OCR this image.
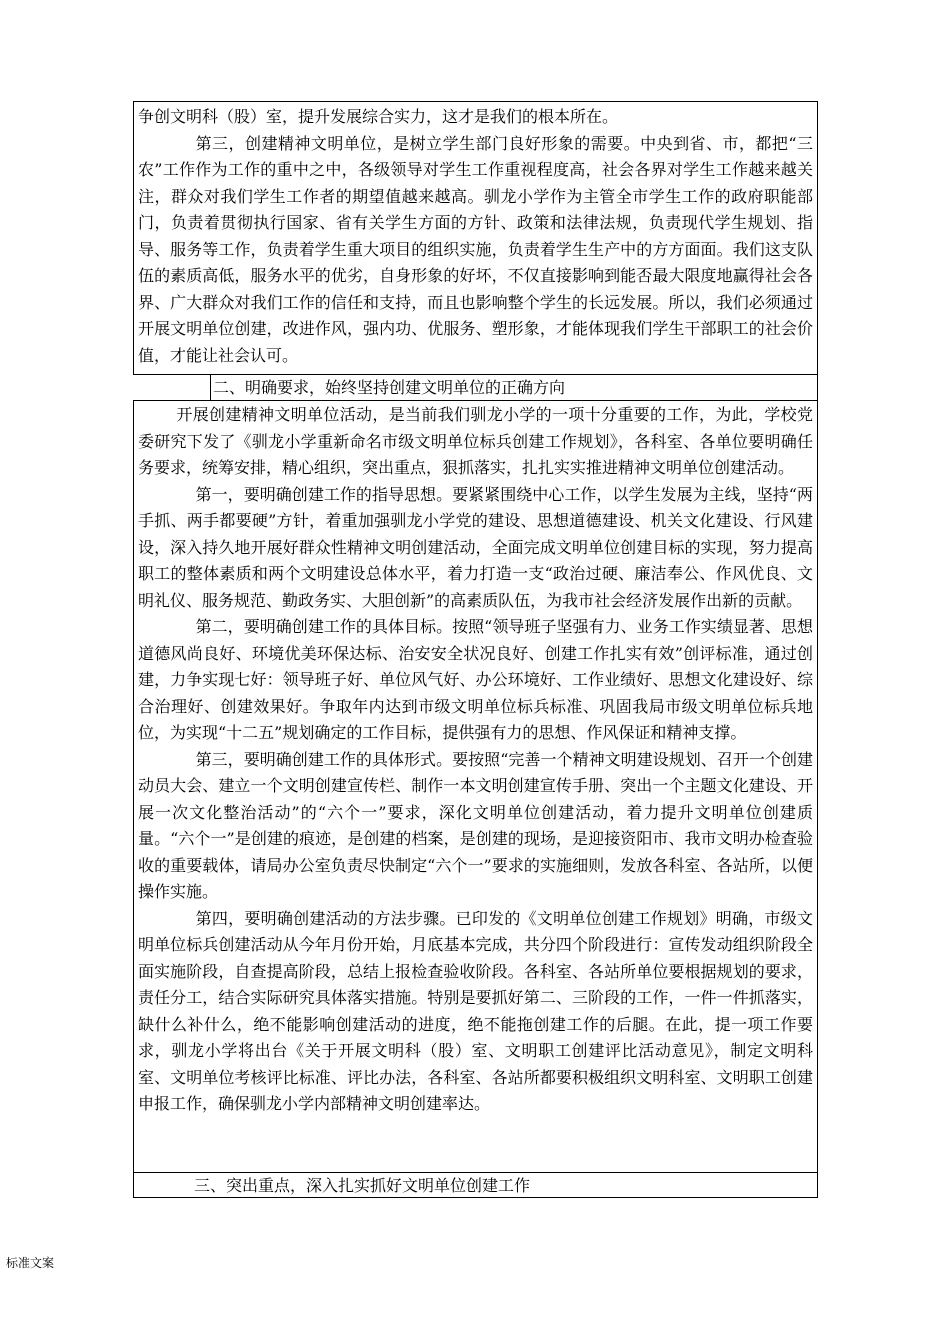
争创文明科（股）室，提升发展综合实力，这才是我们的根本所在。

第三，创建精神文明单位，是树立学生部门良好形象的需要。中央到省、市，都把“三农”工作作为工作的重中之中，各级领导对学生工作重视程度高，社会各界对学生工作越来越关注，群众对我们学生工作者的期望值越来越高。驯龙小学作为主管全市学生工作的政府职能部门，负责着贯彻执行国家、省有关学生方面的方针、政策和法律法规，负责现代学生规划、指导、服务等工作，负责着学生重大项目的组织实施，负责着学生生产中的方方面面。我们这支队伍的素质高低，服务水平的优劣，自身形象的好坏，不仅直接影响到能否最大限度地赢得社会各界、广大群众对我们工作的信任和支持，而且也影响整个学生的长远发展。所以，我们必须通过开展文明单位创建，改进作风，强内功、优服务、塑形象，才能体现我们学生干部职工的社会价值，才能让社会认可。

二、明确要求，始终坚持创建文明单位的正确方向

开展创建精神文明单位活动，是当前我们驯龙小学的一项十分重要的工作，为此，学校党委研究下发了《驯龙小学重新命名市级文明单位标兵创建工作规划》，各科室、各单位要明确任务要求，统筹安排，精心组织，突出重点，狠抓落实，扎扎实实推进精神文明单位创建活动。

第一，要明确创建工作的指导思想。要紧紧围绕中心工作，以学生发展为主线，坚持“两手抓、两手都要硬”方针，着重加强驯龙小学党的建设、思想道德建设、机关文化建设、行风建设，深入持久地开展好群众性精神文明创建活动，全面完成文明单位创建目标的实现，努力提高职工的整体素质和两个文明建设总体水平，着力打造一支“政治过硬、廉洁奉公、作风优良、文明礼仪、服务规范、勤政务实、大胆创新”的高素质队伍，为我市社会经济发展作出新的贡献。

第二，要明确创建工作的具体目标。按照“领导班子坚强有力、业务工作实绩显著、思想道德风尚良好、环境优美环保达标、治安安全状况良好、创建工作扎实有效”创评标准，通过创建，力争实现七好：领导班子好、单位风气好、办公环境好、工作业绩好、思想文化建设好、综合治理好、创建效果好。争取年内达到市级文明单位标兵标准、巩固我局市级文明单位标兵地位，为实现“十二五”规划确定的工作目标，提供强有力的思想、作风保证和精神支撑。

第三，要明确创建工作的具体形式。要按照“完善一个精神文明建设规划、召开一个创建动员大会、建立一个文明创建宣传栏、制作一本文明创建宣传手册、突出一个主题文化建设、开展一次文化整治活动”的“六个一”要求，深化文明单位创建活动，着力提升文明单位创建质量。“六个一”是创建的痕迹，是创建的档案，是创建的现场，是迎接资阳市、我市文明办检查验收的重要载体，请局办公室负责尽快制定“六个一”要求的实施细则，发放各科室、各站所，以便操作实施。

第四，要明确创建活动的方法步骤。已印发的《文明单位创建工作规划》明确，市级文明单位标兵创建活动从今年月份开始，月底基本完成，共分四个阶段进行：宣传发动组织阶段全面实施阶段，自查提高阶段，总结上报检查验收阶段。各科室、各站所单位要根据规划的要求，责任分工，结合实际研究具体落实措施。特别是要抓好第二、三阶段的工作，一件一件抓落实，缺什么补什么，绝不能影响创建活动的进度，绝不能拖创建工作的后腿。在此，提一项工作要求，驯龙小学将出台《关于开展文明科（股）室、文明职工创建评比活动意见》，制定文明科室、文明单位考核评比标准、评比办法，各科室、各站所都要积极组织文明科室、文明职工创建申报工作，确保驯龙小学内部精神文明创建率达。

三、突出重点，深入扎实抓好文明单位创建工作
标准文案
